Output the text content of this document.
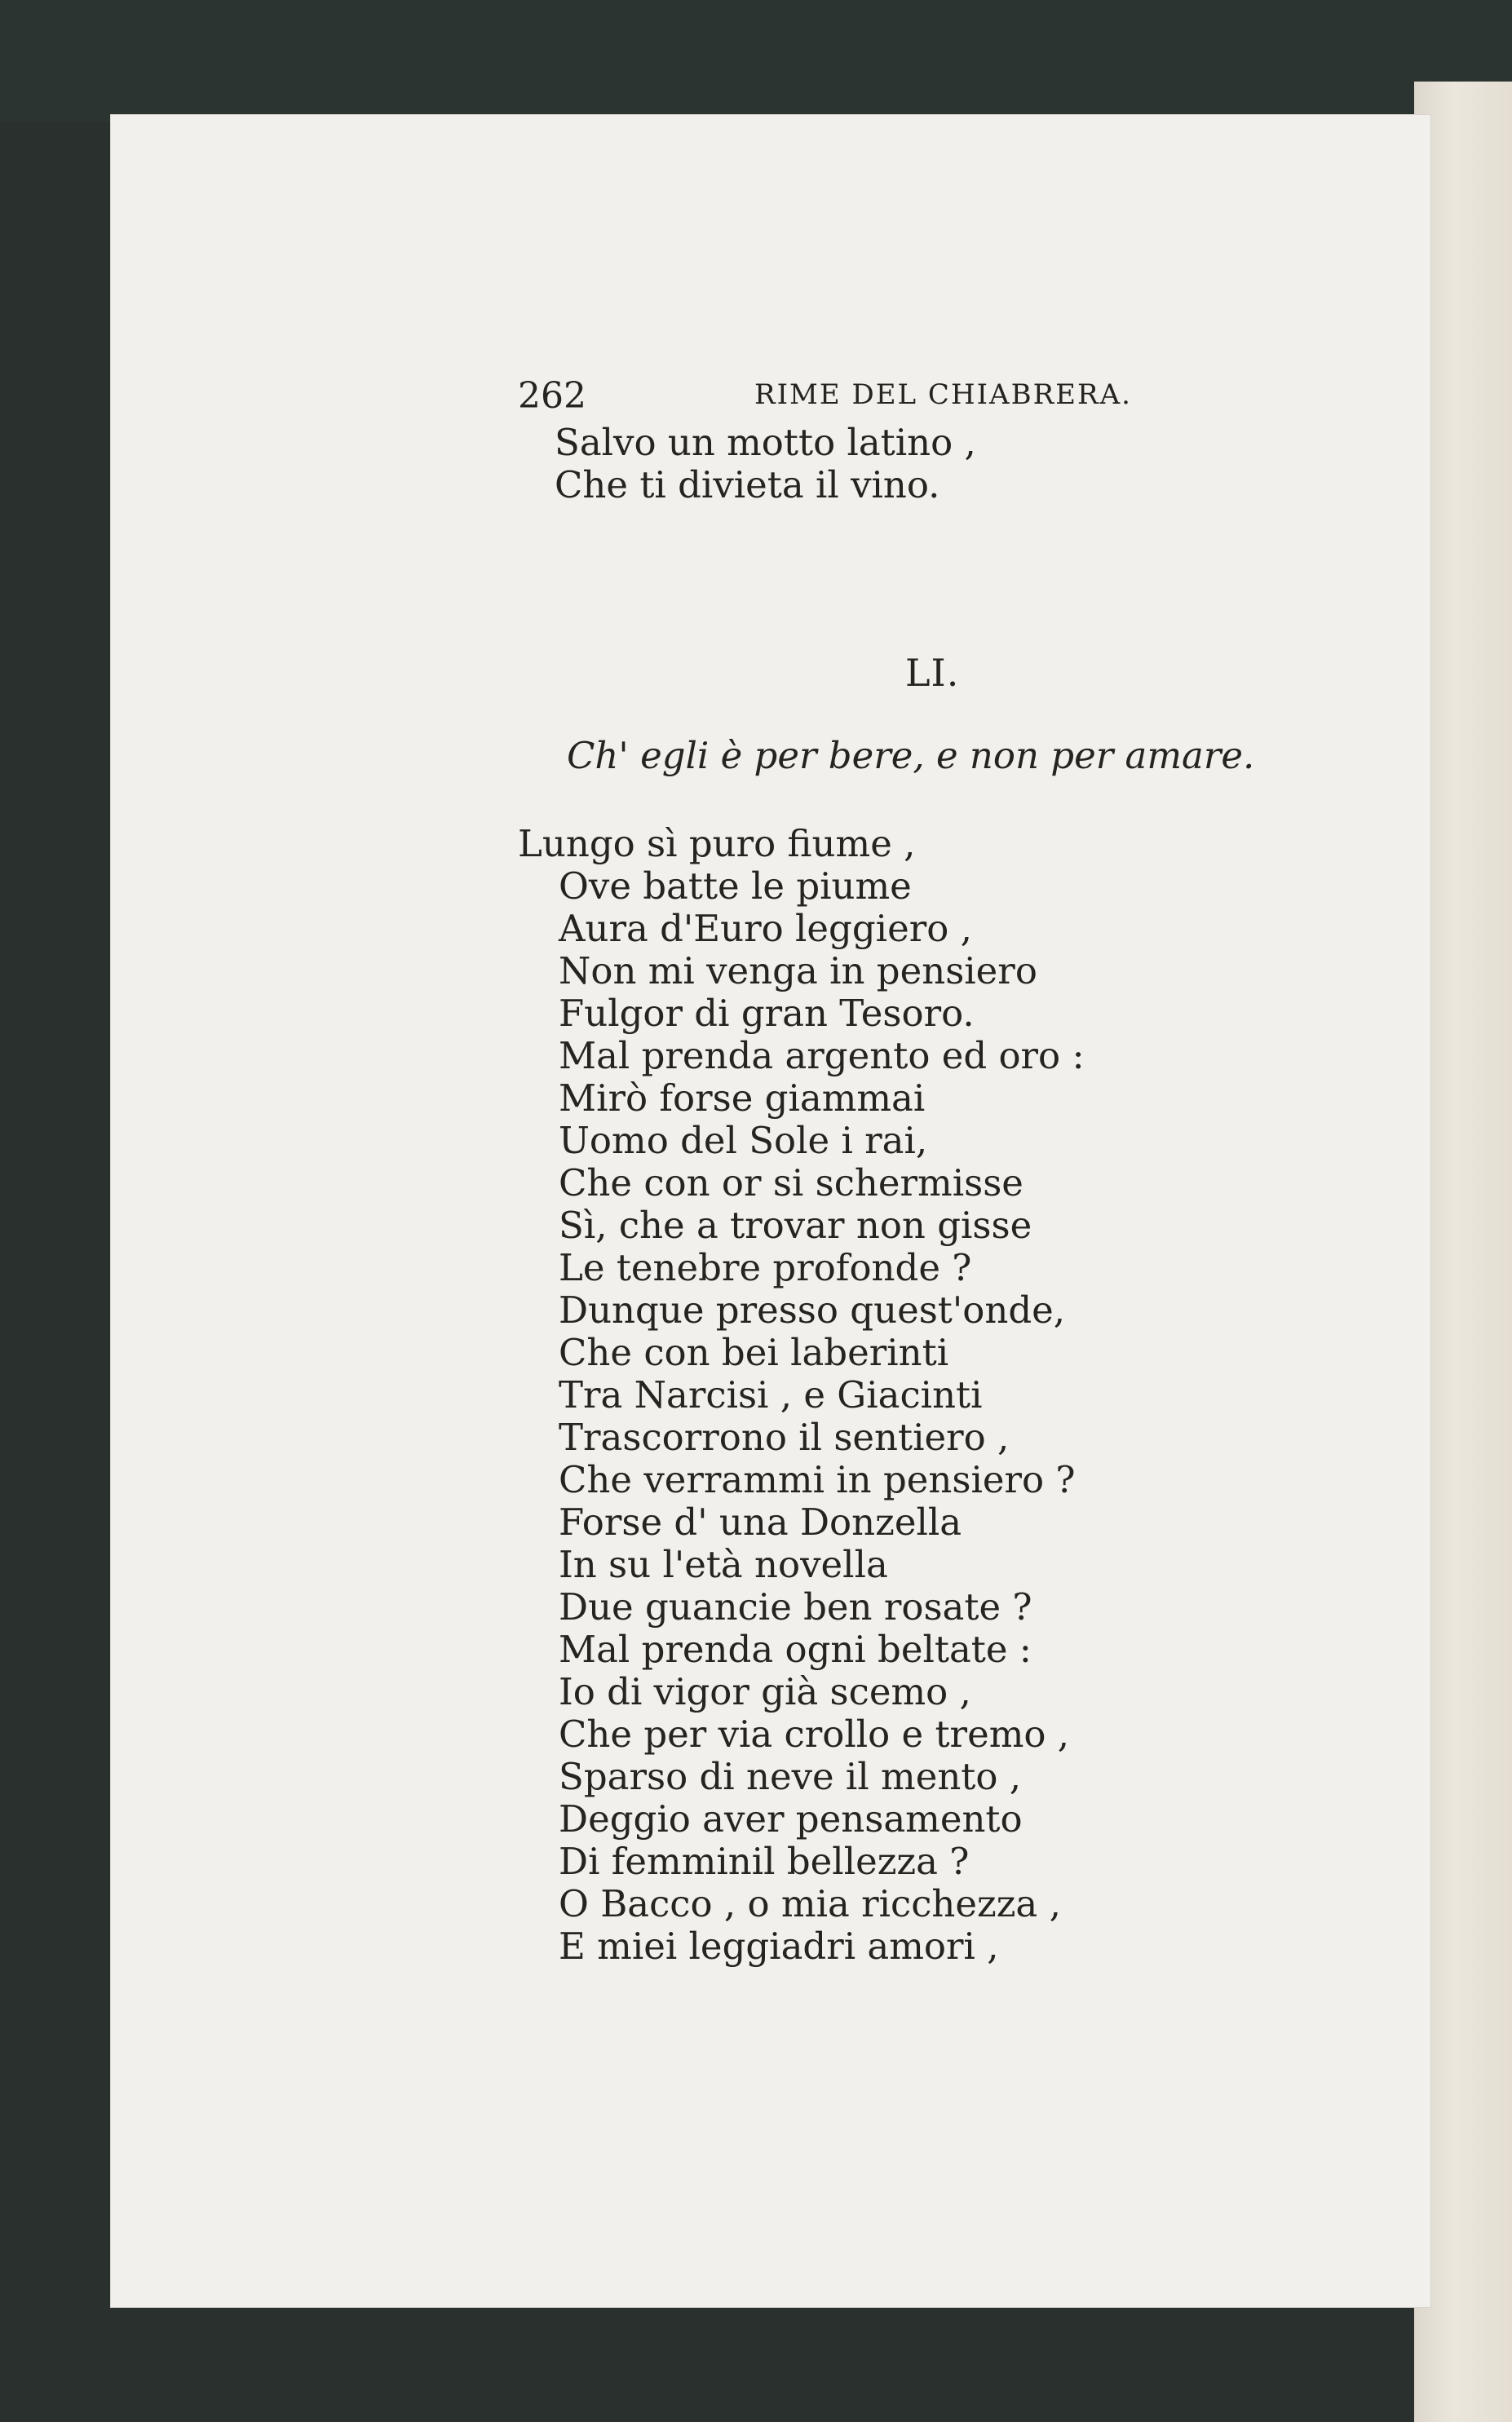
262	RIME DEL CHIABRERA.
Salvo un motto latino ,
Che ti divieta il vino.
LI.
Ch' egli è per bere, e non per amare.
Lungo sì puro fiume ,
Ove batte le piume
Aura d'Euro leggiero ,
Non mi venga in pensiero
Fulgor di gran Tesoro.
Mal prenda argento ed oro :
Mirò forse giammai
Uomo del Sole i rai,
Che con or si schermisse
Sì, che a trovar non gisse
Le tenebre profonde ?
Dunque presso quest'onde,
Che con bei laberinti
Tra Narcisi , e Giacinti
Trascorrono il sentiero ,
Che verrammi in pensiero ?
Forse d' una Donzella
In su l'età novella
Due guancie ben rosate ?
Mal prenda ogni beltate :
Io di vigor già scemo ,
Che per via crollo e tremo ,
Sparso di neve il mento ,
Deggio aver pensamento
Di femminil bellezza ?
O Bacco , o mia ricchezza ,
E miei leggiadri amori ,
